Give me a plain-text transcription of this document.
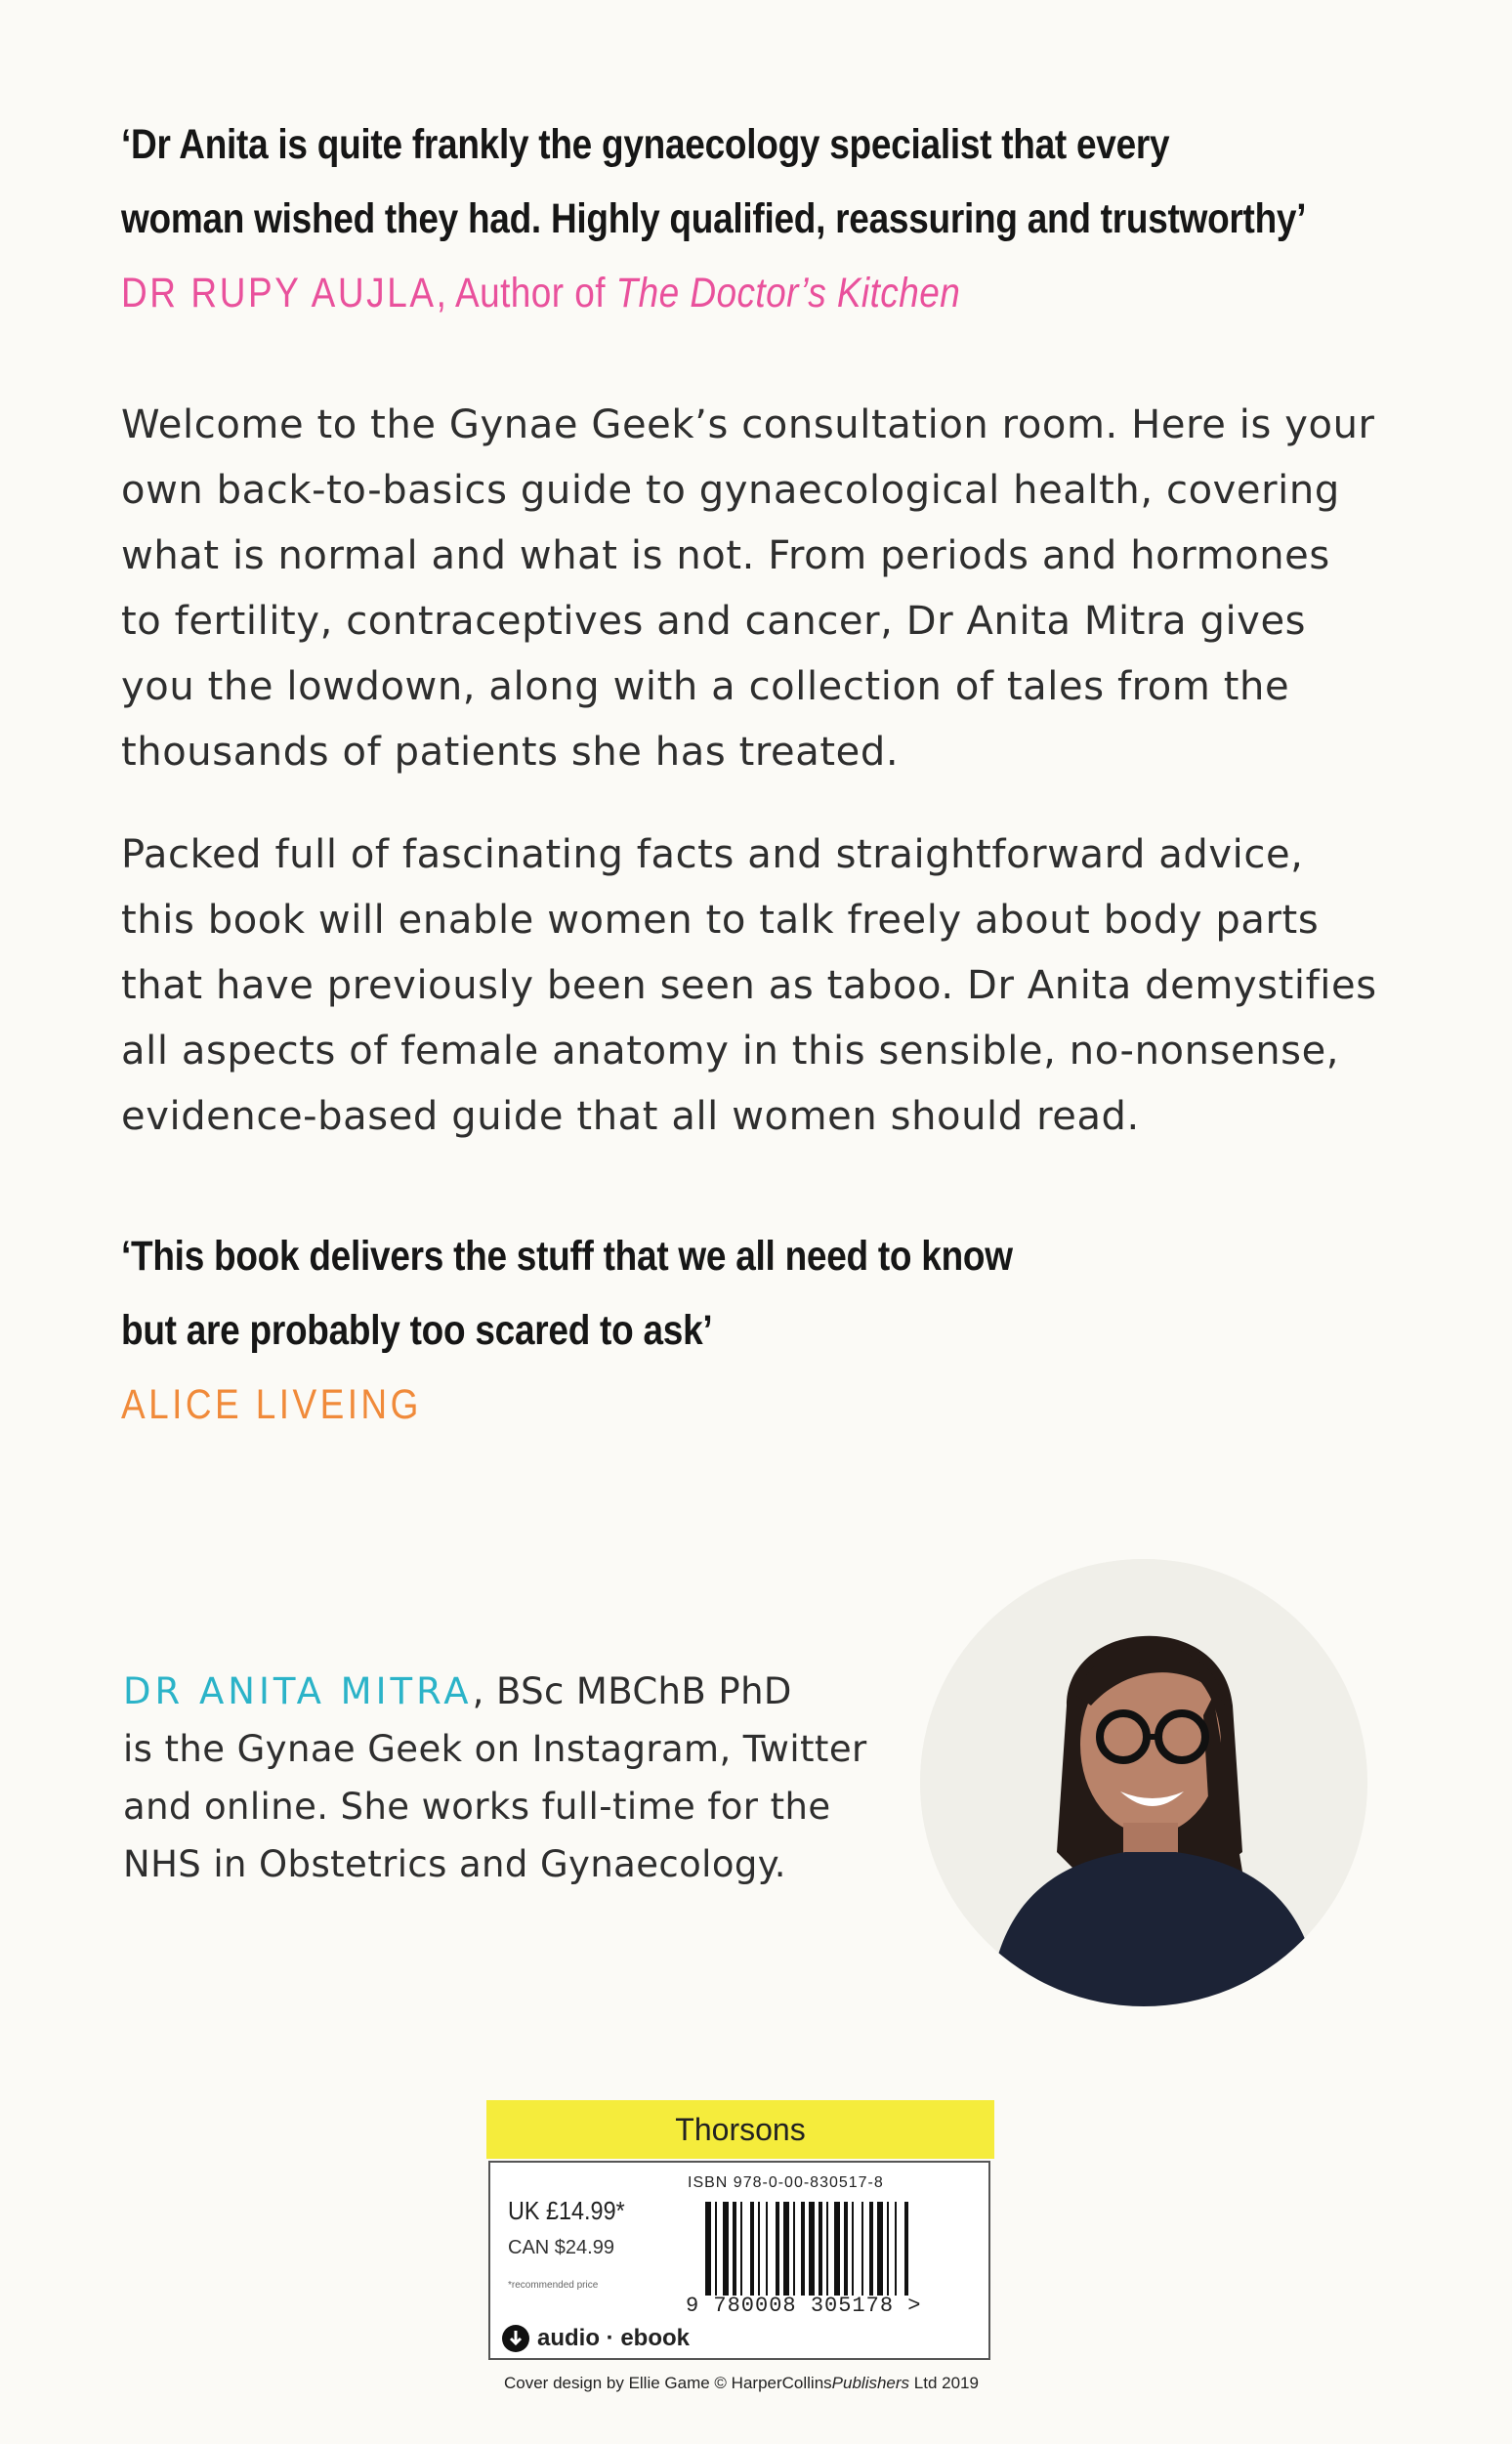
‘Dr Anita is quite frankly the gynaecology specialist that every
woman wished they had. Highly qualified, reassuring and trustworthy’
DR RUPY AUJLA, Author of The Doctor’s Kitchen
Welcome to the Gynae Geek’s consultation room. Here is your
own back-to-basics guide to gynaecological health, covering
what is normal and what is not. From periods and hormones
to fertility, contraceptives and cancer, Dr Anita Mitra gives
you the lowdown, along with a collection of tales from the
thousands of patients she has treated.
Packed full of fascinating facts and straightforward advice,
this book will enable women to talk freely about body parts
that have previously been seen as taboo. Dr Anita demystifies
all aspects of female anatomy in this sensible, no-nonsense,
evidence-based guide that all women should read.
‘This book delivers the stuff that we all need to know
but are probably too scared to ask’
ALICE LIVEING
DR ANITA MITRA, BSc MBChB PhD
is the Gynae Geek on Instagram, Twitter
and online. She works full-time for the
NHS in Obstetrics and Gynaecology.
Thorsons
ISBN 978-0-00-830517-8
UK £14.99*
CAN $24.99
*recommended price
9 780008 305178 >
audio · ebook
Cover design by Ellie Game © HarperCollinsPublishers Ltd 2019
